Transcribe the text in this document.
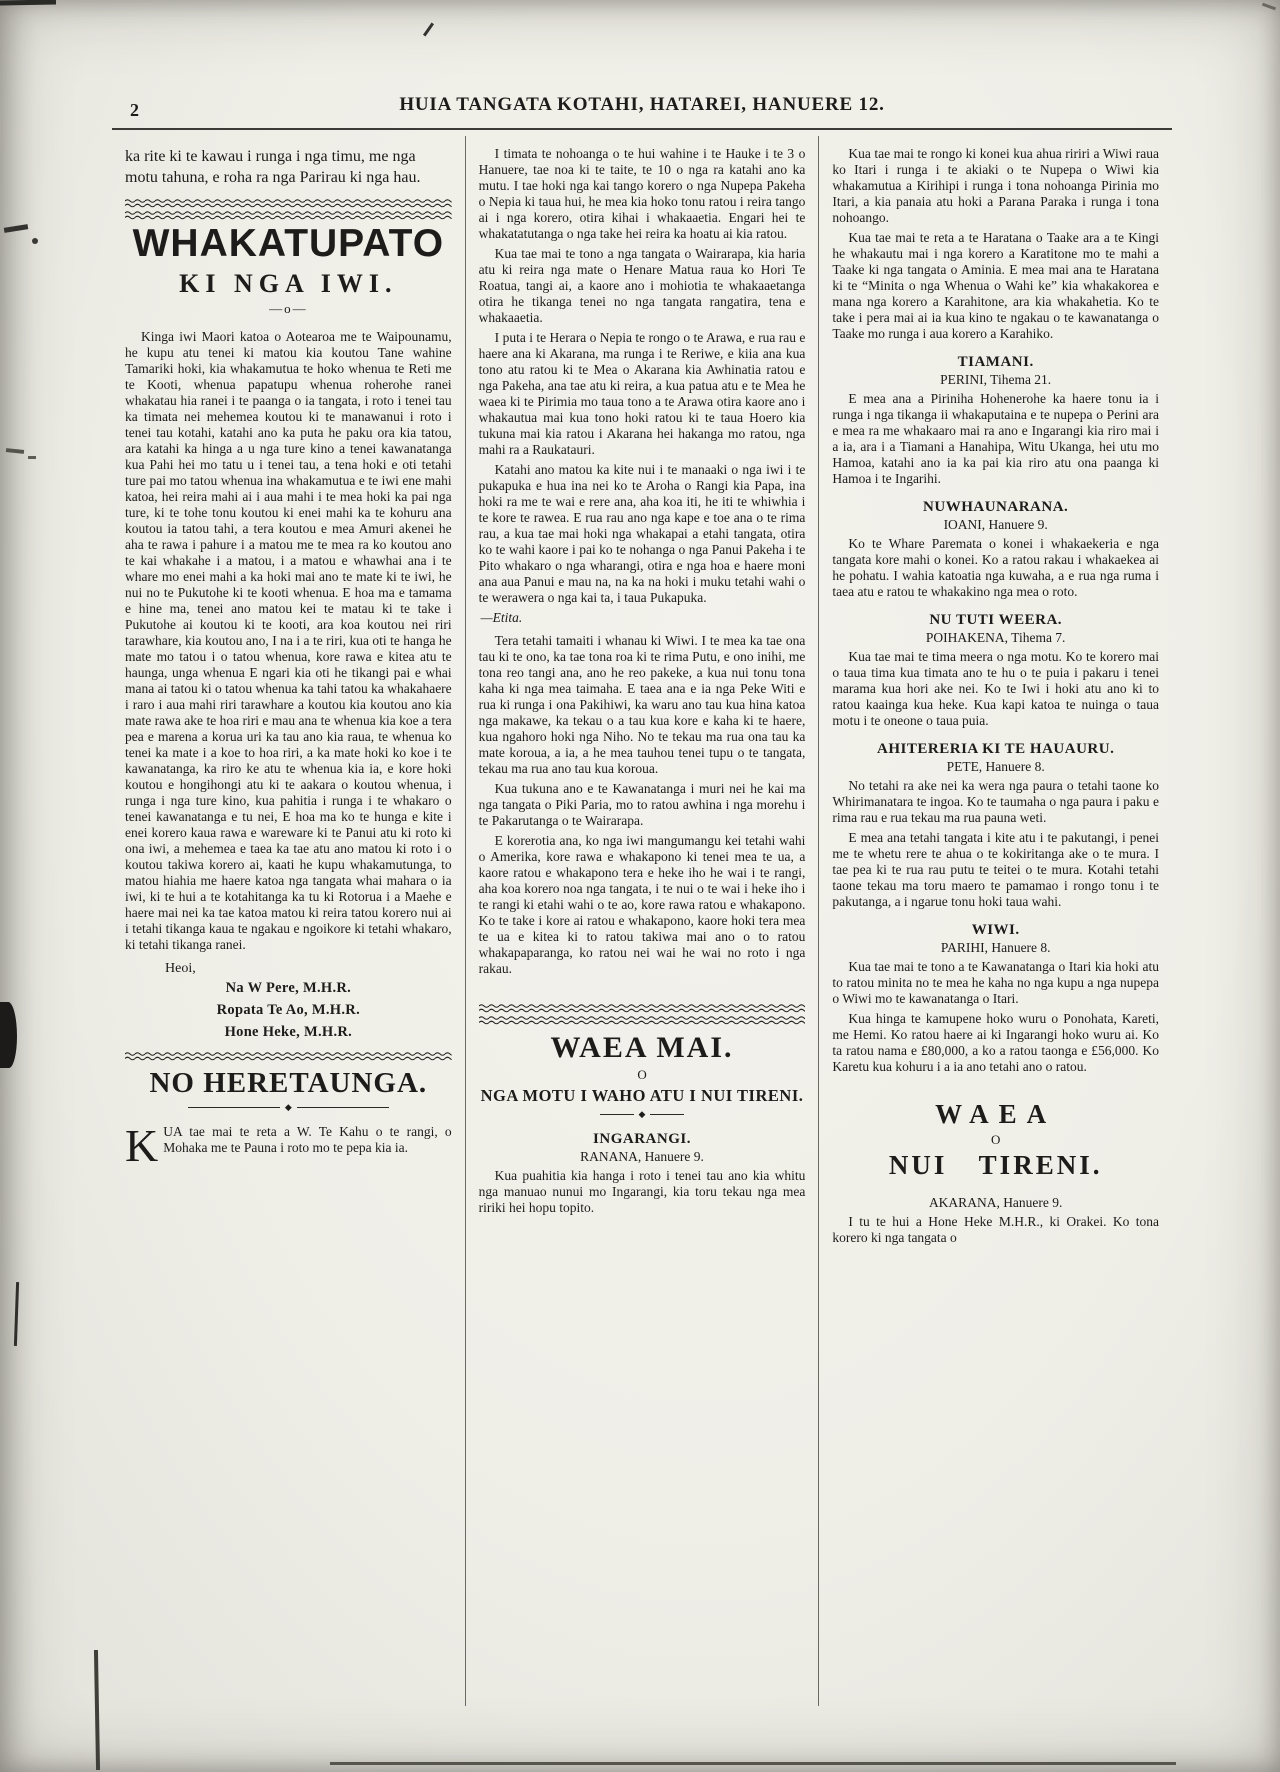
2	HUIA TANGATA KOTAHI, HATAREI, HANUERE 12.

ka rite ki te kawau i runga i nga timu, me nga motu tahuna, e roha ra nga Parirau ki nga hau.

WHAKATUPATO
KI NGA IWI.
—o—

Kinga iwi Maori katoa o Aotearoa me te Waipounamu, he kupu atu tenei ki matou kia koutou Tane wahine Tamariki hoki, kia whakamutua te hoko whenua te Reti me te Kooti, whenua papatupu whenua roherohe ranei whakatau hia ranei i te paanga o ia tangata, i roto i tenei tau ka timata nei mehemea koutou ki te manawanui i roto i tenei tau kotahi, katahi ano ka puta he paku ora kia tatou, ara katahi ka hinga a u nga ture kino a tenei kawanatanga kua Pahi hei mo tatu u i tenei tau, a tena hoki e oti tetahi ture pai mo tatou whenua ina whakamutua e te iwi ene mahi katoa, hei reira mahi ai i aua mahi i te mea hoki ka pai nga ture, ki te tohe tonu koutou ki enei mahi ka te kohuru ana koutou ia tatou tahi, a tera koutou e mea Amuri akenei he aha te rawa i pahure i a matou me te mea ra ko koutou ano te kai whakahe i a matou, i a matou e whawhai ana i te whare mo enei mahi a ka hoki mai ano te mate ki te iwi, he nui no te Pukutohe ki te kooti whenua. E hoa ma e tamama e hine ma, tenei ano matou kei te matau ki te take i Pukutohe ai koutou ki te kooti, ara koa koutou nei riri tarawhare, kia koutou ano, I na i a te riri, kua oti te hanga he mate mo tatou i o tatou whenua, kore rawa e kitea atu te haunga, unga whenua E ngari kia oti he tikangi pai e whai mana ai tatou ki o tatou whenua ka tahi tatou ka whakahaere i raro i aua mahi riri tarawhare a koutou kia koutou ano kia mate rawa ake te hoa riri e mau ana te whenua kia koe a tera pea e marena a korua uri ka tau ano kia raua, te whenua ko tenei ka mate i a koe to hoa riri, a ka mate hoki ko koe i te kawanatanga, ka riro ke atu te whenua kia ia, e kore hoki koutou e hongihongi atu ki te aakara o koutou whenua, i runga i nga ture kino, kua pahitia i runga i te whakaro o tenei kawanatanga e tu nei, E hoa ma ko te hunga e kite i enei korero kaua rawa e wareware ki te Panui atu ki roto ki ona iwi, a mehemea e taea ka tae atu ano matou ki roto i o koutou takiwa korero ai, kaati he kupu whakamutunga, to matou hiahia me haere katoa nga tangata whai mahara o ia iwi, ki te hui a te kotahitanga ka tu ki Rotorua i a Maehe e haere mai nei ka tae katoa matou ki reira tatou korero nui ai i tetahi tikanga kaua te ngakau e ngoikore ki tetahi whakaro, ki tetahi tikanga ranei.

Heoi,

Na W Pere, M.H.R.

Ropata Te Ao, M.H.R.

Hone Heke, M.H.R.

NO HERETAUNGA.
◆

K UA tae mai te reta a W. Te Kahu o te rangi, o Mohaka me te Pauna i roto mo te pepa kia ia.

I timata te nohoanga o te hui wahine i te Hauke i te 3 o Hanuere, tae noa ki te taite, te 10 o nga ra katahi ano ka mutu. I tae hoki nga kai tango korero o nga Nupepa Pakeha o Nepia ki taua hui, he mea kia hoko tonu ratou i reira tango ai i nga korero, otira kihai i whakaaetia. Engari hei te whakatatutanga o nga take hei reira ka hoatu ai kia ratou.

Kua tae mai te tono a nga tangata o Wairarapa, kia haria atu ki reira nga mate o Henare Matua raua ko Hori Te Roatua, tangi ai, a kaore ano i mohiotia te whakaaetanga otira he tikanga tenei no nga tangata rangatira, tena e whakaaetia.

I puta i te Herara o Nepia te rongo o te Arawa, e rua rau e haere ana ki Akarana, ma runga i te Reriwe, e kiia ana kua tono atu ratou ki te Mea o Akarana kia Awhinatia ratou e nga Pakeha, ana tae atu ki reira, a kua patua atu e te Mea he waea ki te Pirimia mo taua tono a te Arawa otira kaore ano i whakautua mai kua tono hoki ratou ki te taua Hoero kia tukuna mai kia ratou i Akarana hei hakanga mo ratou, nga mahi ra a Raukatauri.

Katahi ano matou ka kite nui i te manaaki o nga iwi i te pukapuka e hua ina nei ko te Aroha o Rangi kia Papa, ina hoki ra me te wai e rere ana, aha koa iti, he iti te whiwhia i te kore te rawea. E rua rau ano nga kape e toe ana o te rima rau, a kua tae mai hoki nga whakapai a etahi tangata, otira ko te wahi kaore i pai ko te nohanga o nga Panui Pakeha i te Pito whakaro o nga wharangi, otira e nga hoa e haere moni ana aua Panui e mau na, na ka na hoki i muku tetahi wahi o te werawera o nga kai ta, i taua Pukapuka.

—Etita.

Tera tetahi tamaiti i whanau ki Wiwi. I te mea ka tae ona tau ki te ono, ka tae tona roa ki te rima Putu, e ono inihi, me tona reo tangi ana, ano he reo pakeke, a kua nui tonu tona kaha ki nga mea taimaha. E taea ana e ia nga Peke Witi e rua ki runga i ona Pakihiwi, ka waru ano tau kua hina katoa nga makawe, ka tekau o a tau kua kore e kaha ki te haere, kua ngahoro hoki nga Niho. No te tekau ma rua ona tau ka mate koroua, a ia, a he mea tauhou tenei tupu o te tangata, tekau ma rua ano tau kua koroua.

Kua tukuna ano e te Kawanatanga i muri nei he kai ma nga tangata o Piki Paria, mo to ratou awhina i nga morehu i te Pakarutanga o te Wairarapa.

E korerotia ana, ko nga iwi mangumangu kei tetahi wahi o Amerika, kore rawa e whakapono ki tenei mea te ua, a kaore ratou e whakapono tera e heke iho he wai i te rangi, aha koa korero noa nga tangata, i te nui o te wai i heke iho i te rangi ki etahi wahi o te ao, kore rawa ratou e whakapono. Ko te take i kore ai ratou e whakapono, kaore hoki tera mea te ua e kitea ki to ratou takiwa mai ano o to ratou whakapaparanga, ko ratou nei wai he wai no roto i nga rakau.

WAEA MAI.

O

NGA MOTU I WAHO ATU I NUI TIRENI.
◆
INGARANGI.

RANANA, Hanuere 9.

Kua puahitia kia hanga i roto i tenei tau ano kia whitu nga manuao nunui mo Ingarangi, kia toru tekau nga mea ririki hei hopu topito.

Kua tae mai te rongo ki konei kua ahua ririri a Wiwi raua ko Itari i runga i te akiaki o te Nupepa o Wiwi kia whakamutua a Kirihipi i runga i tona nohoanga Pirinia mo Itari, a kia panaia atu hoki a Parana Paraka i runga i tona nohoango.

Kua tae mai te reta a te Haratana o Taake ara a te Kingi he whakautu mai i nga korero a Karatitone mo te mahi a Taake ki nga tangata o Aminia. E mea mai ana te Haratana ki te “Minita o nga Whenua o Wahi ke” kia whakakorea e mana nga korero a Karahitone, ara kia whakahetia. Ko te take i pera mai ai ia kua kino te ngakau o te kawanatanga o Taake mo runga i aua korero a Karahiko.

TIAMANI.

PERINI, Tihema 21.

E mea ana a Piriniha Hohenerohe ka haere tonu ia i runga i nga tikanga ii whakaputaina e te nupepa o Perini ara e mea ra me whakaaro mai ra ano e Ingarangi kia riro mai i a ia, ara i a Tiamani a Hanahipa, Witu Ukanga, hei utu mo Hamoa, katahi ano ia ka pai kia riro atu ona paanga ki Hamoa i te Ingarihi.

NUWHAUNARANA.

IOANI, Hanuere 9.

Ko te Whare Paremata o konei i whakaekeria e nga tangata kore mahi o konei. Ko a ratou rakau i whakaekea ai he pohatu. I wahia katoatia nga kuwaha, a e rua nga ruma i taea atu e ratou te whakakino nga mea o roto.

NU TUTI WEERA.

POIHAKENA, Tihema 7.

Kua tae mai te tima meera o nga motu. Ko te korero mai o taua tima kua timata ano te hu o te puia i pakaru i tenei marama kua hori ake nei. Ko te Iwi i hoki atu ano ki to ratou kaainga kua heke. Kua kapi katoa te nuinga o taua motu i te oneone o taua puia.

AHITERERIA KI TE HAUAURU.

PETE, Hanuere 8.

No tetahi ra ake nei ka wera nga paura o tetahi taone ko Whirimanatara te ingoa. Ko te taumaha o nga paura i paku e rima rau e rua tekau ma rua pauna weti.

E mea ana tetahi tangata i kite atu i te pakutangi, i penei me te whetu rere te ahua o te kokiritanga ake o te mura. I tae pea ki te rua rau putu te teitei o te mura. Kotahi tetahi taone tekau ma toru maero te pamamao i rongo tonu i te pakutanga, a i ngarue tonu hoki taua wahi.

WIWI.

PARIHI, Hanuere 8.

Kua tae mai te tono a te Kawanatanga o Itari kia hoki atu to ratou minita no te mea he kaha no nga kupu a nga nupepa o Wiwi mo te kawanatanga o Itari.

Kua hinga te kamupene hoko wuru o Ponohata, Kareti, me Hemi. Ko ratou haere ai ki Ingarangi hoko wuru ai. Ko ta ratou nama e £80,000, a ko a ratou taonga e £56,000. Ko Karetu kua kohuru i a ia ano tetahi ano o ratou.

WAEA

O

NUI TIRENI.

AKARANA, Hanuere 9.

I tu te hui a Hone Heke M.H.R., ki Orakei. Ko tona korero ki nga tangata o
